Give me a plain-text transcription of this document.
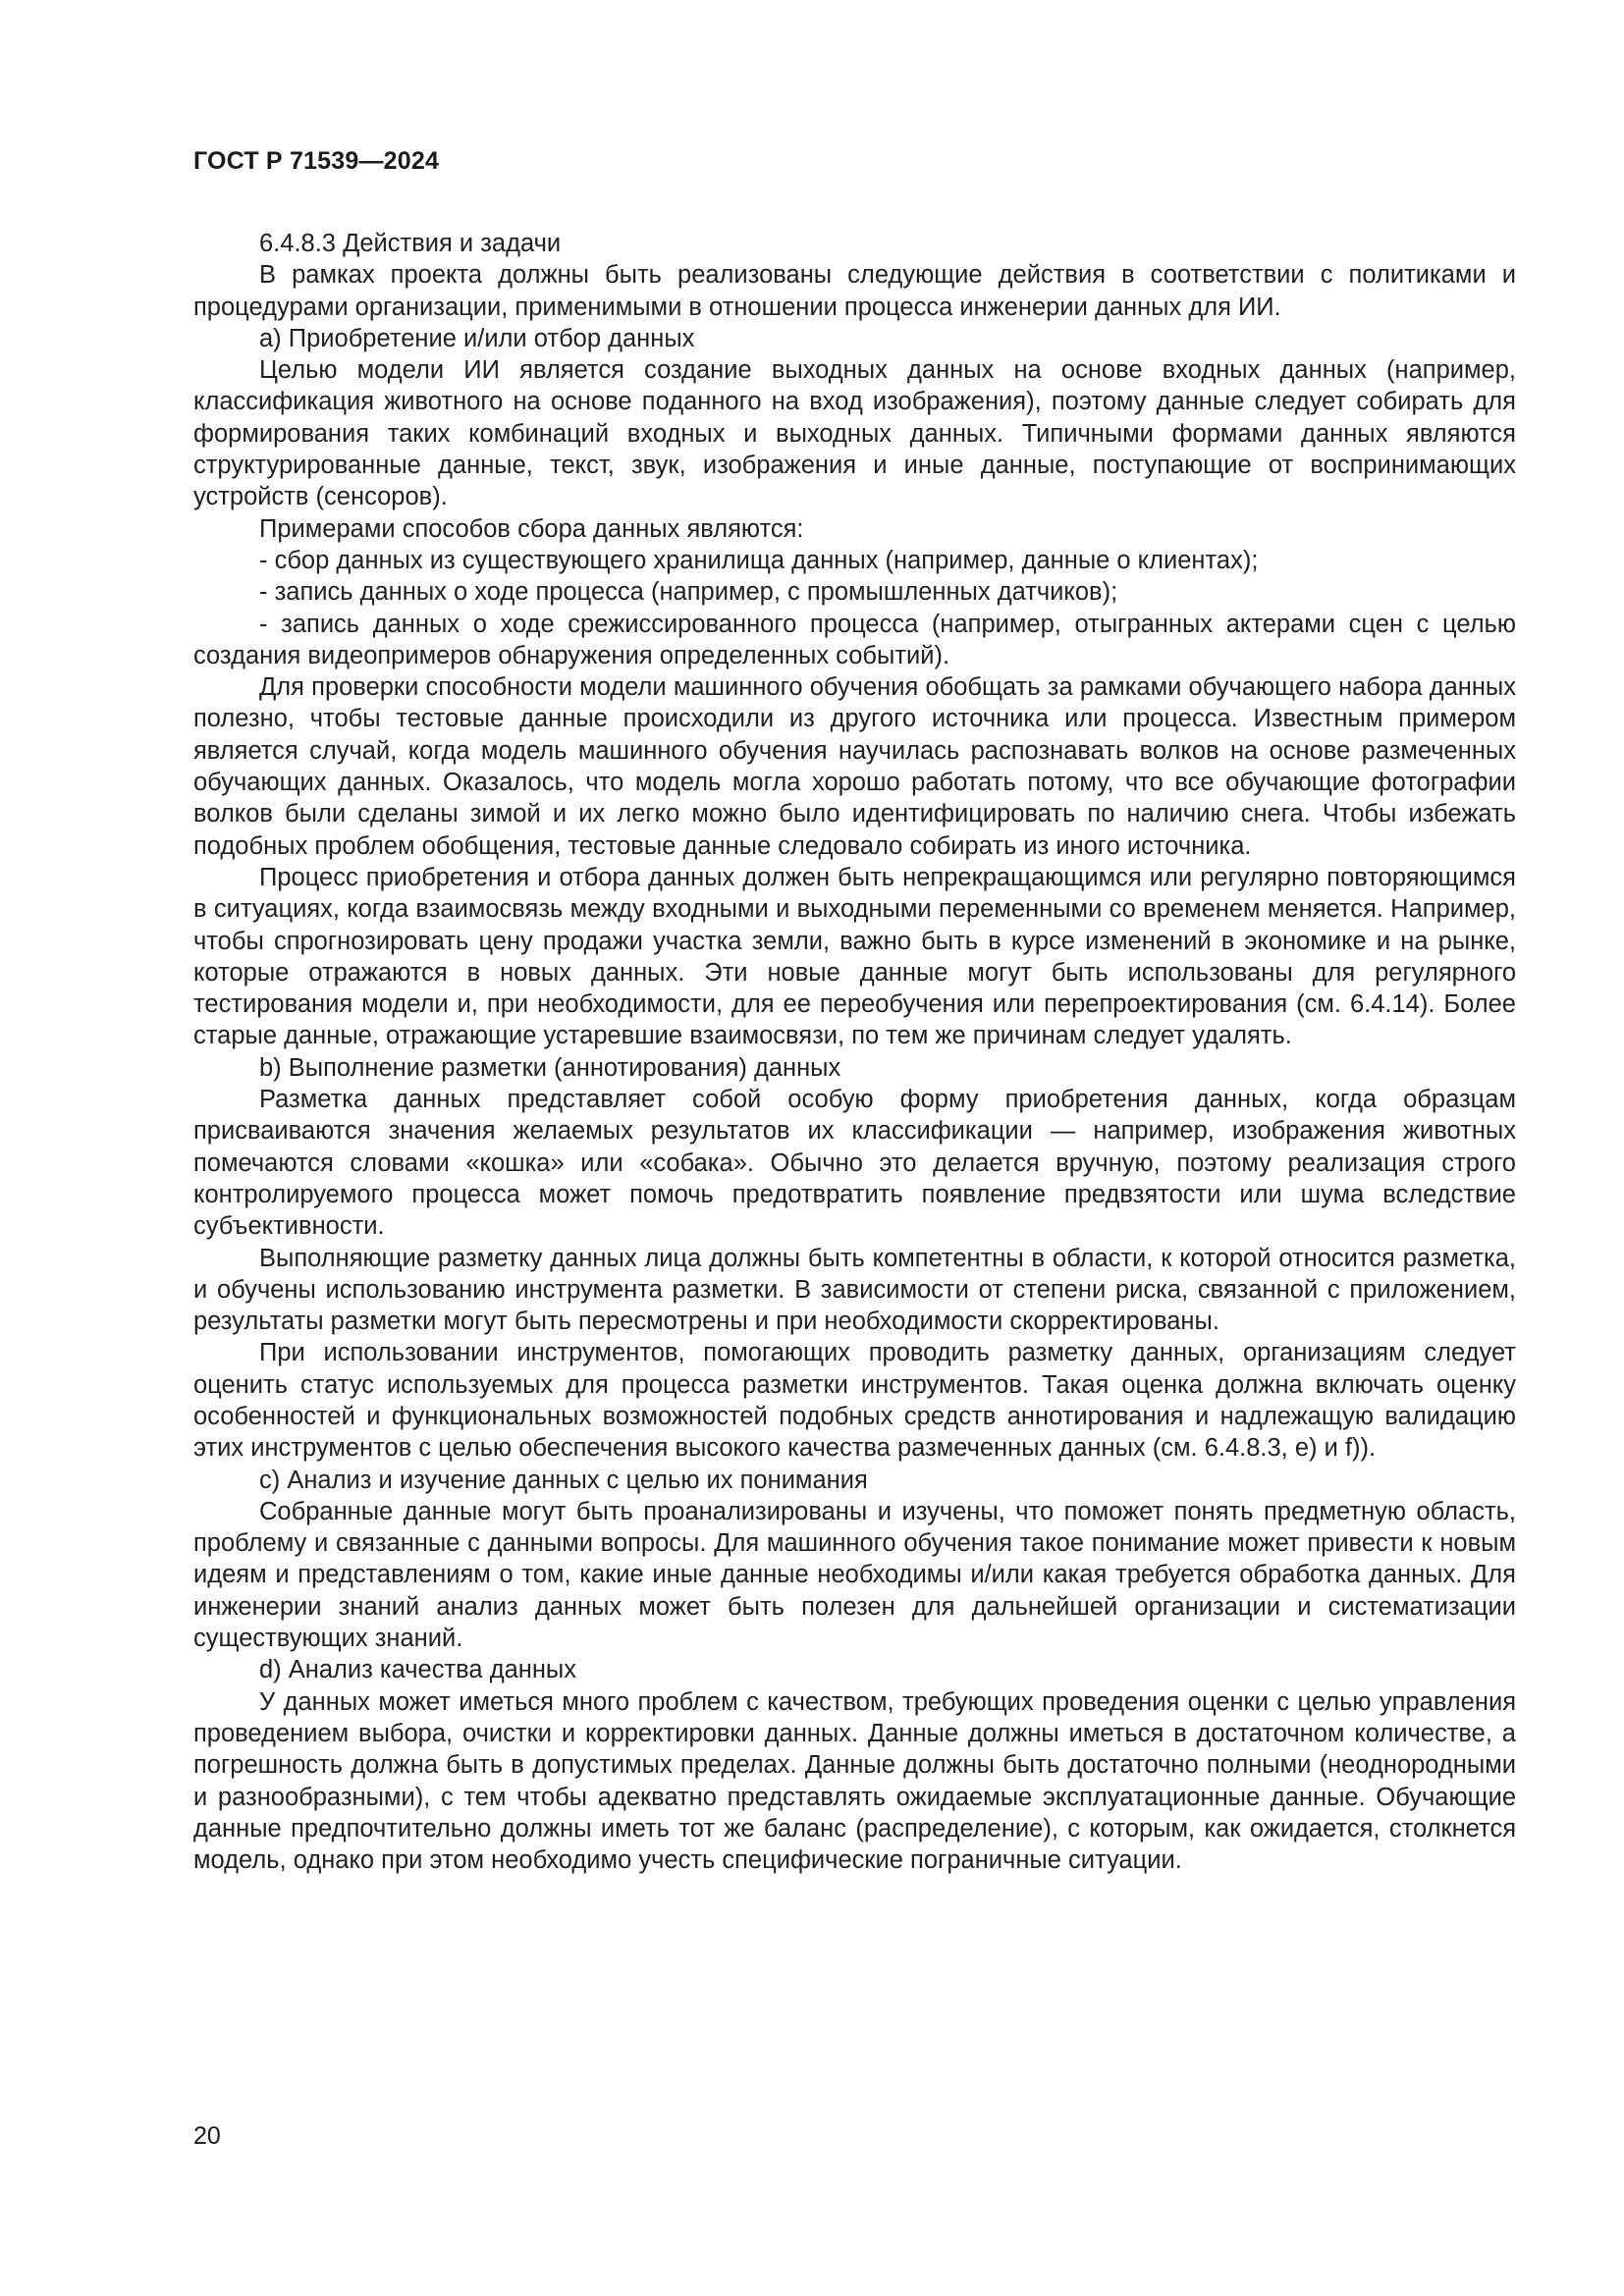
ГОСТ Р 71539—2024

6.4.8.3 Действия и задачи

В рамках проекта должны быть реализованы следующие действия в соответствии с политиками и процедурами организации, применимыми в отношении процесса инженерии данных для ИИ.

a) Приобретение и/или отбор данных

Целью модели ИИ является создание выходных данных на основе входных данных (например, классификация животного на основе поданного на вход изображения), поэтому данные следует собирать для формирования таких комбинаций входных и выходных данных. Типичными формами данных являются структурированные данные, текст, звук, изображения и иные данные, поступающие от воспринимающих устройств (сенсоров).

Примерами способов сбора данных являются:

- сбор данных из существующего хранилища данных (например, данные о клиентах);

- запись данных о ходе процесса (например, с промышленных датчиков);

- запись данных о ходе срежиссированного процесса (например, отыгранных актерами сцен с целью создания видеопримеров обнаружения определенных событий).

Для проверки способности модели машинного обучения обобщать за рамками обучающего набора данных полезно, чтобы тестовые данные происходили из другого источника или процесса. Известным примером является случай, когда модель машинного обучения научилась распознавать волков на основе размеченных обучающих данных. Оказалось, что модель могла хорошо работать потому, что все обучающие фотографии волков были сделаны зимой и их легко можно было идентифицировать по наличию снега. Чтобы избежать подобных проблем обобщения, тестовые данные следовало собирать из иного источника.

Процесс приобретения и отбора данных должен быть непрекращающимся или регулярно повторяющимся в ситуациях, когда взаимосвязь между входными и выходными переменными со временем меняется. Например, чтобы спрогнозировать цену продажи участка земли, важно быть в курсе изменений в экономике и на рынке, которые отражаются в новых данных. Эти новые данные могут быть использованы для регулярного тестирования модели и, при необходимости, для ее переобучения или перепроектирования (см. 6.4.14). Более старые данные, отражающие устаревшие взаимосвязи, по тем же причинам следует удалять.

b) Выполнение разметки (аннотирования) данных

Разметка данных представляет собой особую форму приобретения данных, когда образцам присваиваются значения желаемых результатов их классификации — например, изображения животных помечаются словами «кошка» или «собака». Обычно это делается вручную, поэтому реализация строго контролируемого процесса может помочь предотвратить появление предвзятости или шума вследствие субъективности.

Выполняющие разметку данных лица должны быть компетентны в области, к которой относится разметка, и обучены использованию инструмента разметки. В зависимости от степени риска, связанной с приложением, результаты разметки могут быть пересмотрены и при необходимости скорректированы.

При использовании инструментов, помогающих проводить разметку данных, организациям следует оценить статус используемых для процесса разметки инструментов. Такая оценка должна включать оценку особенностей и функциональных возможностей подобных средств аннотирования и надлежащую валидацию этих инструментов с целью обеспечения высокого качества размеченных данных (см. 6.4.8.3, e) и f)).

c) Анализ и изучение данных с целью их понимания

Собранные данные могут быть проанализированы и изучены, что поможет понять предметную область, проблему и связанные с данными вопросы. Для машинного обучения такое понимание может привести к новым идеям и представлениям о том, какие иные данные необходимы и/или какая требуется обработка данных. Для инженерии знаний анализ данных может быть полезен для дальнейшей организации и систематизации существующих знаний.

d) Анализ качества данных

У данных может иметься много проблем с качеством, требующих проведения оценки с целью управления проведением выбора, очистки и корректировки данных. Данные должны иметься в достаточном количестве, а погрешность должна быть в допустимых пределах. Данные должны быть достаточно полными (неоднородными и разнообразными), с тем чтобы адекватно представлять ожидаемые эксплуатационные данные. Обучающие данные предпочтительно должны иметь тот же баланс (распределение), с которым, как ожидается, столкнется модель, однако при этом необходимо учесть специфические пограничные ситуации.

20
